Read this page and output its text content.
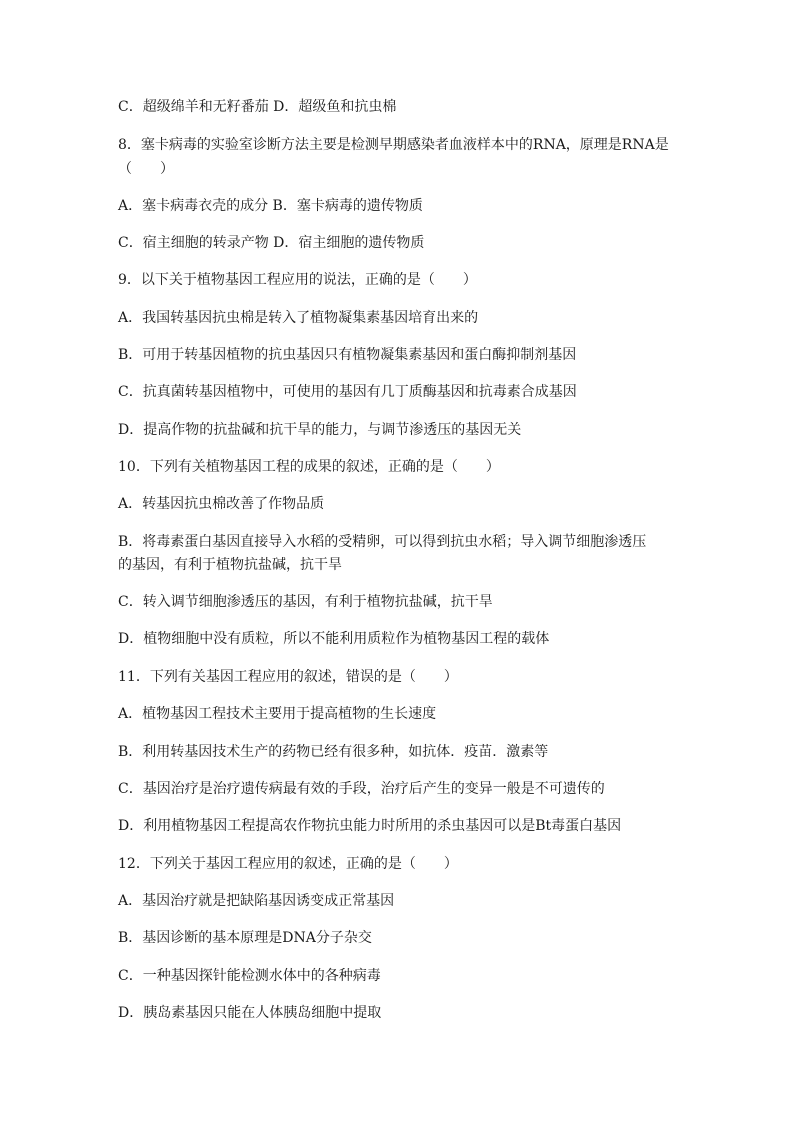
C．超级绵羊和无籽番茄 D．超级鱼和抗虫棉
8．塞卡病毒的实验室诊断方法主要是检测早期感染者血液样本中的RNA，原理是RNA是
（　　）
A．塞卡病毒衣壳的成分 B．塞卡病毒的遗传物质
C．宿主细胞的转录产物 D．宿主细胞的遗传物质
9．以下关于植物基因工程应用的说法，正确的是（　　）
A．我国转基因抗虫棉是转入了植物凝集素基因培育出来的
B．可用于转基因植物的抗虫基因只有植物凝集素基因和蛋白酶抑制剂基因
C．抗真菌转基因植物中，可使用的基因有几丁质酶基因和抗毒素合成基因
D．提高作物的抗盐碱和抗干旱的能力，与调节渗透压的基因无关
10．下列有关植物基因工程的成果的叙述，正确的是（　　）
A．转基因抗虫棉改善了作物品质
B．将毒素蛋白基因直接导入水稻的受精卵，可以得到抗虫水稻；导入调节细胞渗透压
的基因，有利于植物抗盐碱，抗干旱
C．转入调节细胞渗透压的基因，有利于植物抗盐碱，抗干旱
D．植物细胞中没有质粒，所以不能利用质粒作为植物基因工程的载体
11．下列有关基因工程应用的叙述，错误的是（　　）
A．植物基因工程技术主要用于提高植物的生长速度
B．利用转基因技术生产的药物已经有很多种，如抗体．疫苗．激素等
C．基因治疗是治疗遗传病最有效的手段，治疗后产生的变异一般是不可遗传的
D．利用植物基因工程提高农作物抗虫能力时所用的杀虫基因可以是Bt毒蛋白基因
12．下列关于基因工程应用的叙述，正确的是（　　）
A．基因治疗就是把缺陷基因诱变成正常基因
B．基因诊断的基本原理是DNA分子杂交
C．一种基因探针能检测水体中的各种病毒
D．胰岛素基因只能在人体胰岛细胞中提取
